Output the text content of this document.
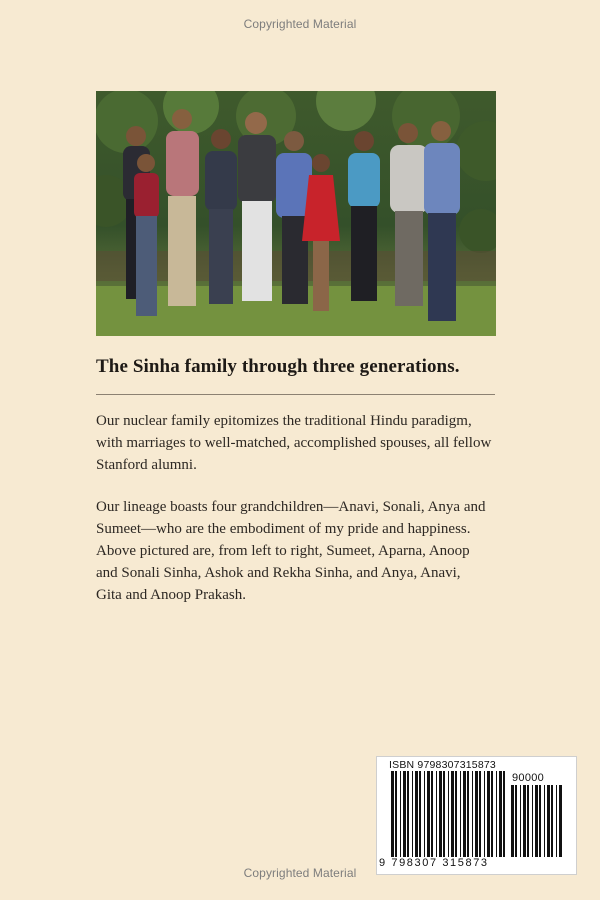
Copyrighted Material
The Sinha family through three generations.
Our nuclear family epitomizes the traditional Hindu paradigm,
with marriages to well-matched, accomplished spouses, all fellow
Stanford alumni.
Our lineage boasts four grandchildren—Anavi, Sonali, Anya and
Sumeet—who are the embodiment of my pride and happiness.
Above pictured are, from left to right, Sumeet, Aparna, Anoop
and Sonali Sinha, Ashok and Rekha Sinha, and Anya, Anavi,
Gita and Anoop Prakash.
ISBN 9798307315873
90000
9 798307 315873
Copyrighted Material
